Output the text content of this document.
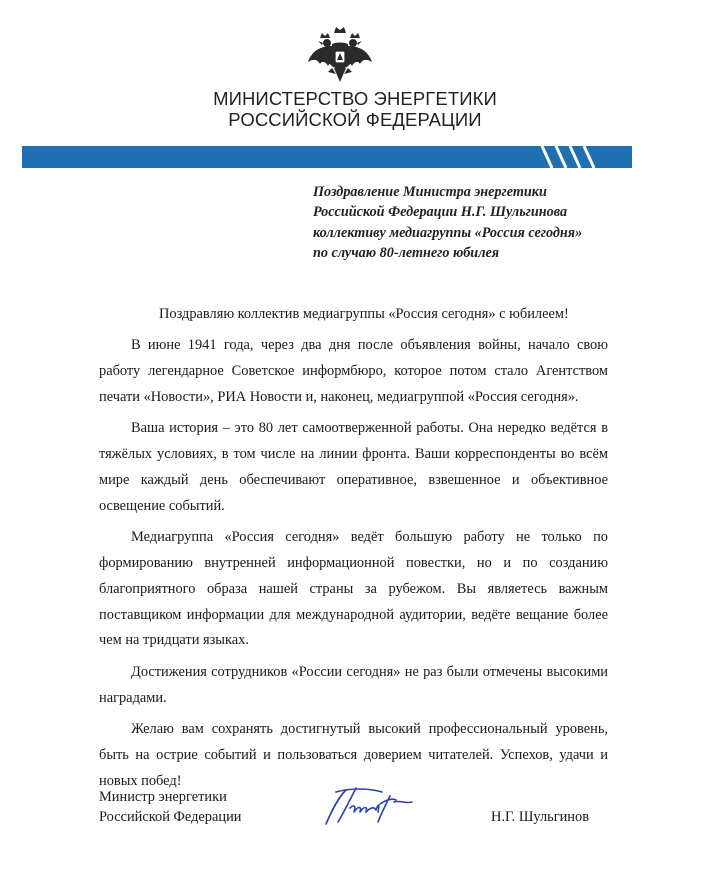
МИНИСТЕРСТВО ЭНЕРГЕТИКИ
РОССИЙСКОЙ ФЕДЕРАЦИИ
Поздравление Министра энергетики
Российской Федерации Н.Г. Шульгинова
коллективу медиагруппы «Россия сегодня»
по случаю 80-летнего юбилея

Поздравляю коллектив медиагруппы «Россия сегодня» с юбилеем!

В июне 1941 года, через два дня после объявления войны, начало свою работу легендарное Советское информбюро, которое потом стало Агентством печати «Новости», РИА Новости и, наконец, медиагруппой «Россия сегодня».

Ваша история – это 80 лет самоотверженной работы. Она нередко ведётся в тяжёлых условиях, в том числе на линии фронта. Ваши корреспонденты во всём мире каждый день обеспечивают оперативное, взвешенное и объективное освещение событий.

Медиагруппа «Россия сегодня» ведёт большую работу не только по формированию внутренней информационной повестки, но и по созданию благоприятного образа нашей страны за рубежом. Вы являетесь важным поставщиком информации для международной аудитории, ведёте вещание более чем на тридцати языках.

Достижения сотрудников «России сегодня» не раз были отмечены высокими наградами.

Желаю вам сохранять достигнутый высокий профессиональный уровень, быть на острие событий и пользоваться доверием читателей. Успехов, удачи и новых побед!

Министр энергетики
Российской Федерации	Н.Г. Шульгинов
